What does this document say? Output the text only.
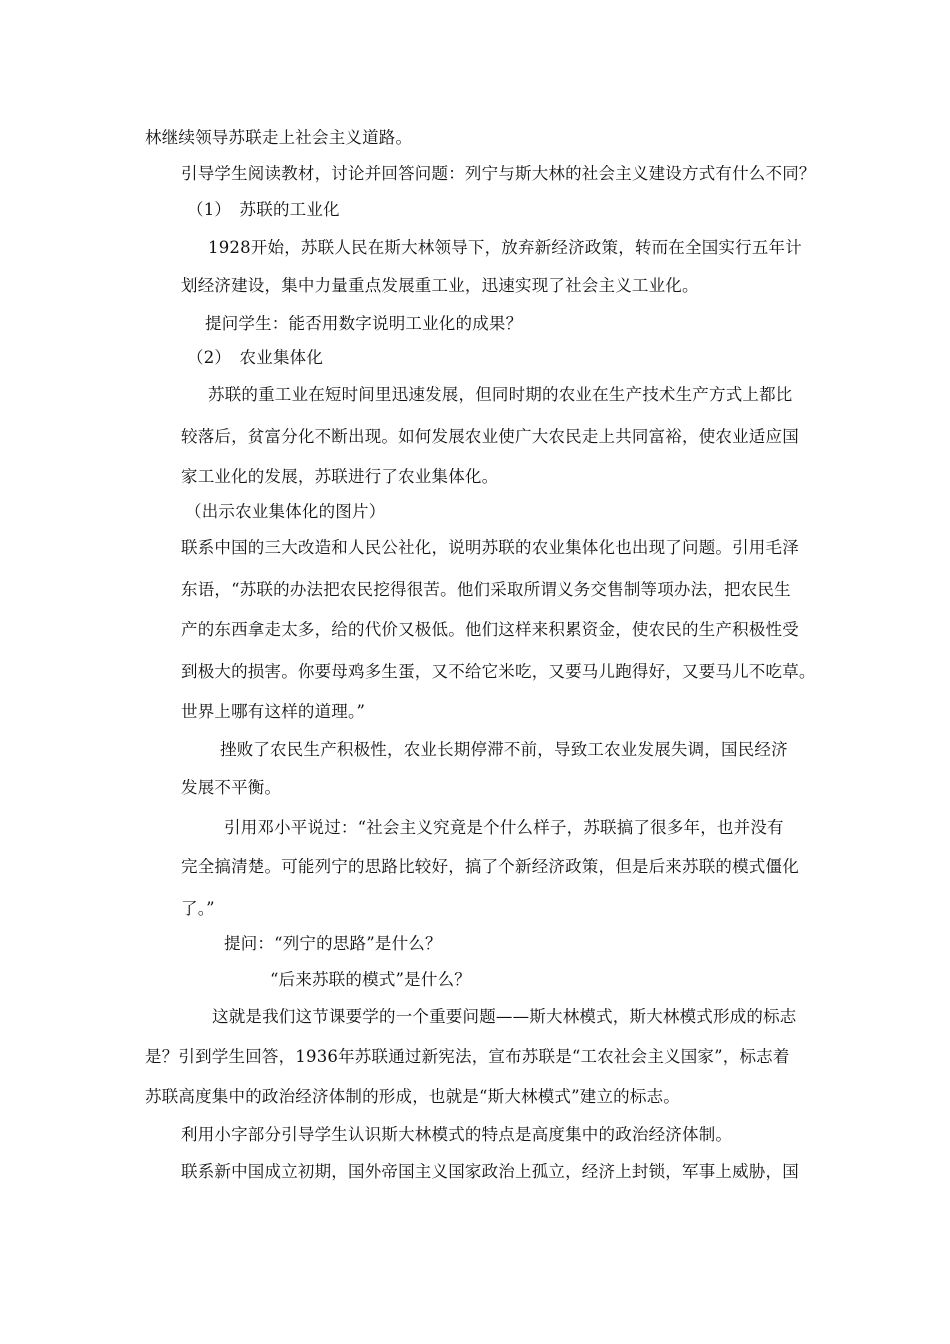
林继续领导苏联走上社会主义道路。
引导学生阅读教材，讨论并回答问题：列宁与斯大林的社会主义建设方式有什么不同？
（1）　苏联的工业化
1928开始，苏联人民在斯大林领导下，放弃新经济政策，转而在全国实行五年计
划经济建设，集中力量重点发展重工业，迅速实现了社会主义工业化。
提问学生：能否用数字说明工业化的成果？
（2）　农业集体化
苏联的重工业在短时间里迅速发展，但同时期的农业在生产技术生产方式上都比
较落后，贫富分化不断出现。如何发展农业使广大农民走上共同富裕，使农业适应国
家工业化的发展，苏联进行了农业集体化。
（出示农业集体化的图片）
联系中国的三大改造和人民公社化，说明苏联的农业集体化也出现了问题。引用毛泽
东语，“苏联的办法把农民挖得很苦。他们采取所谓义务交售制等项办法，把农民生
产的东西拿走太多，给的代价又极低。他们这样来积累资金，使农民的生产积极性受
到极大的损害。你要母鸡多生蛋，又不给它米吃，又要马儿跑得好，又要马儿不吃草。
世界上哪有这样的道理。”
挫败了农民生产积极性，农业长期停滞不前，导致工农业发展失调，国民经济
发展不平衡。
引用邓小平说过：“社会主义究竟是个什么样子，苏联搞了很多年，也并没有
完全搞清楚。可能列宁的思路比较好，搞了个新经济政策，但是后来苏联的模式僵化
了。”
提问：“列宁的思路”是什么？
“后来苏联的模式”是什么？
这就是我们这节课要学的一个重要问题——斯大林模式，斯大林模式形成的标志
是？引到学生回答，1936年苏联通过新宪法，宣布苏联是“工农社会主义国家”，标志着
苏联高度集中的政治经济体制的形成，也就是“斯大林模式”建立的标志。
利用小字部分引导学生认识斯大林模式的特点是高度集中的政治经济体制。
联系新中国成立初期，国外帝国主义国家政治上孤立，经济上封锁，军事上威胁，国
